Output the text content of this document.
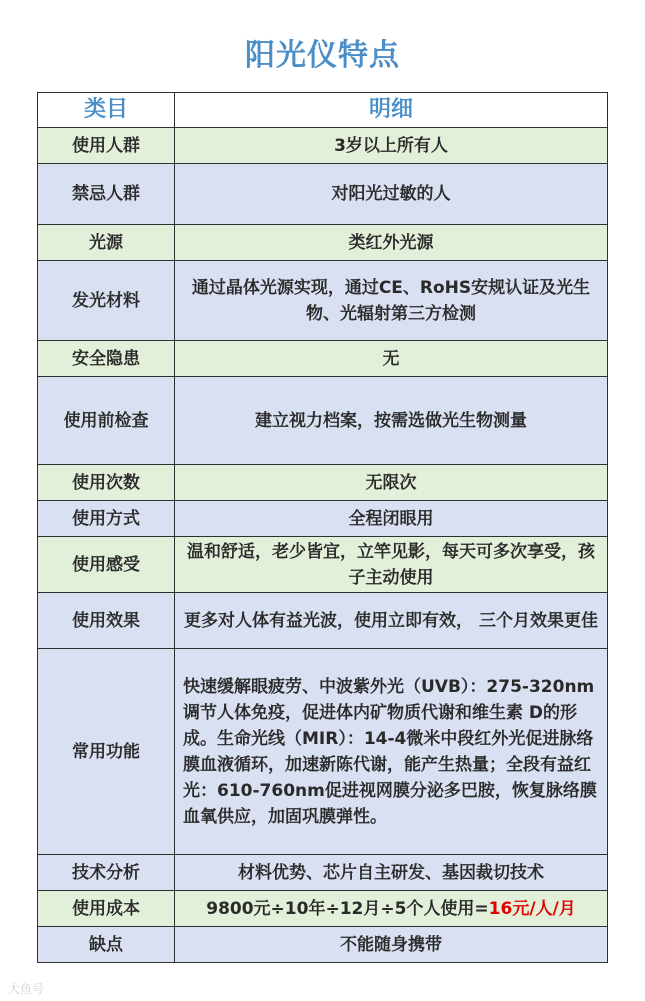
阳光仪特点
类目	明细
使用人群	3岁以上所有人
禁忌人群	对阳光过敏的人
光源	类红外光源
发光材料	通过晶体光源实现，通过CE、RoHS安规认证及光生物、光辐射第三方检测
安全隐患	无
使用前检查	建立视力档案，按需选做光生物测量
使用次数	无限次
使用方式	全程闭眼用
使用感受	温和舒适，老少皆宜，立竿见影，每天可多次享受，孩子主动使用
使用效果	更多对人体有益光波，使用立即有效， 三个月效果更佳
常用功能	快速缓解眼疲劳、中波紫外光（UVB）：275-320nm调节人体免疫，促进体内矿物质代谢和维生素 D的形成。生命光线（MIR）：14-4微米中段红外光促进脉络膜血液循环，加速新陈代谢，能产生热量；全段有益红光：610-760nm促进视网膜分泌多巴胺，恢复脉络膜血氧供应，加固巩膜弹性。
技术分析	材料优势、芯片自主研发、基因裁切技术
使用成本	9800元÷10年÷12月÷5个人使用=16元/人/月
缺点	不能随身携带
大鱼号
